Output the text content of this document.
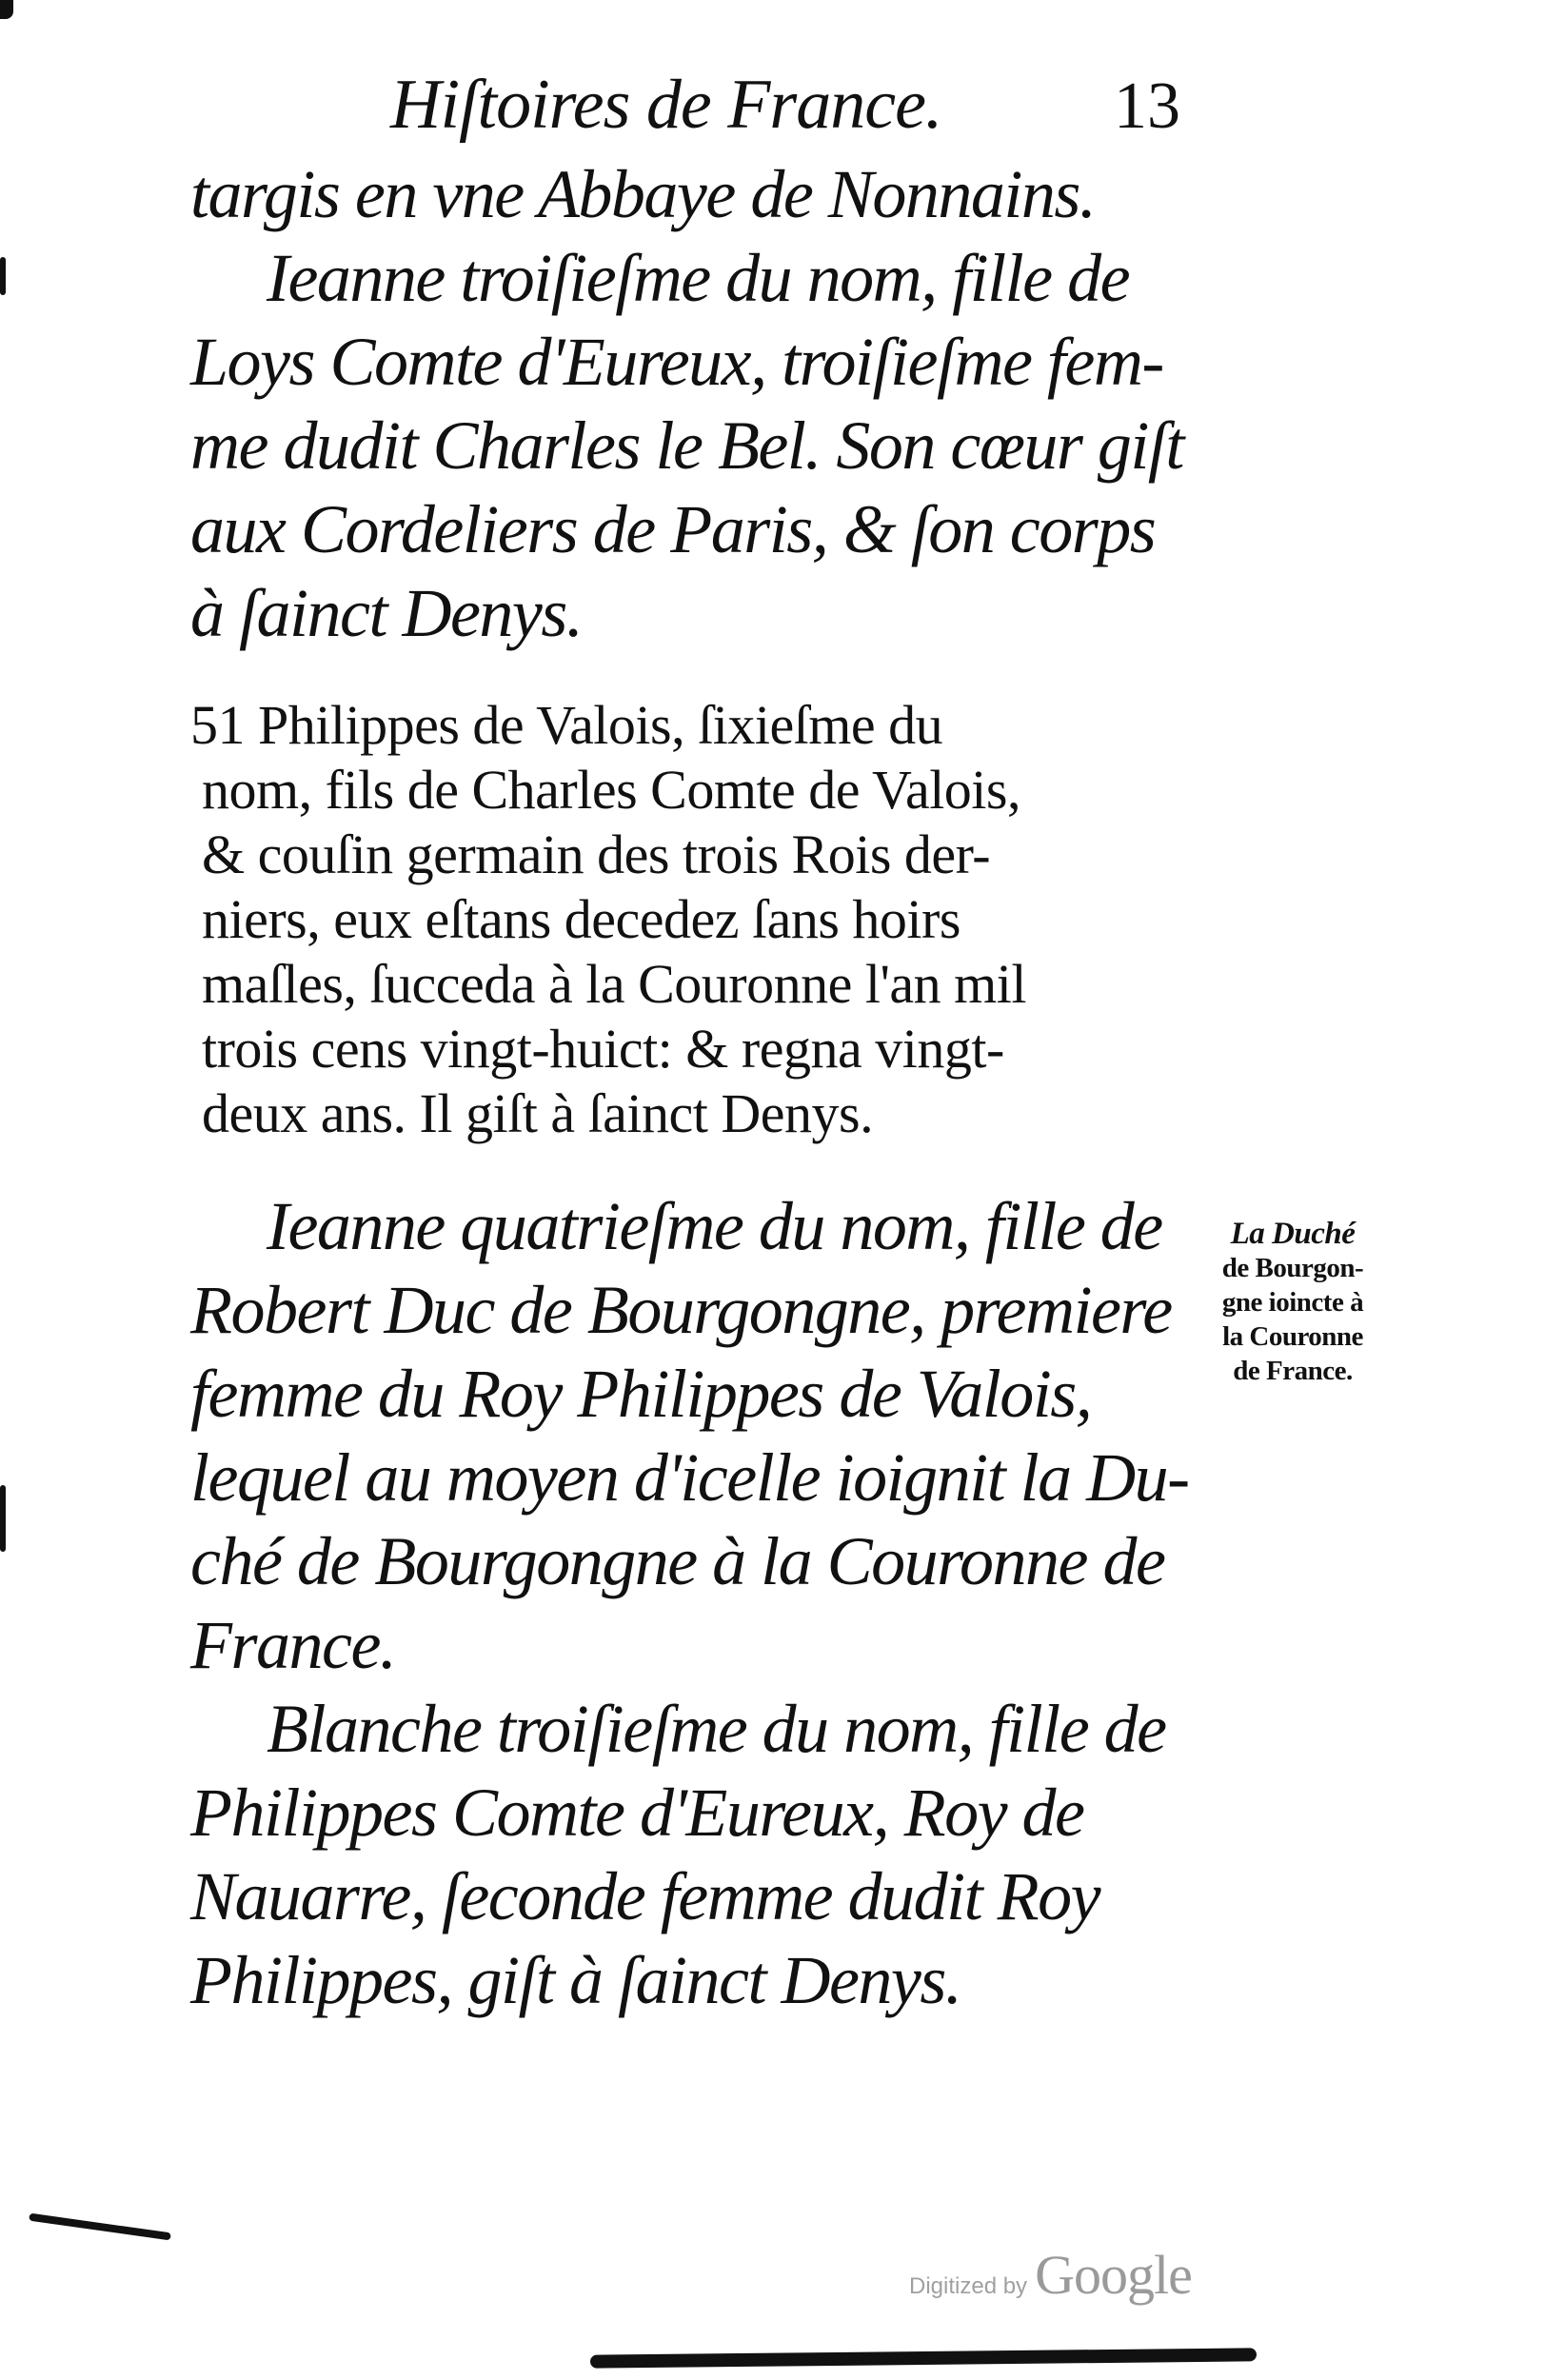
Hiſtoires de France.	13
targis en vne Abbaye de Nonnains.
Ieanne troiſieſme du nom, fille de
Loys Comte d'Eureux, troiſieſme fem-
me dudit Charles le Bel. Son cœur giſt
aux Cordeliers de Paris, & ſon corps
à ſainct Denys.
51 Philippes de Valois, ſixieſme du
nom, fils de Charles Comte de Valois,
& couſin germain des trois Rois der-
niers, eux eſtans decedez ſans hoirs
maſles, ſucceda à la Couronne l'an mil
trois cens vingt-huict: & regna vingt-
deux ans. Il giſt à ſainct Denys.
Ieanne quatrieſme du nom, fille de
Robert Duc de Bourgongne, premiere
femme du Roy Philippes de Valois,
lequel au moyen d'icelle ioignit la Du-
ché de Bourgongne à la Couronne de
France.
Blanche troiſieſme du nom, fille de
Philippes Comte d'Eureux, Roy de
Nauarre, ſeconde femme dudit Roy
Philippes, giſt à ſainct Denys.
La Duché
de Bourgon-
gne ioincte à
la Couronne
de France.
Digitized by Google
